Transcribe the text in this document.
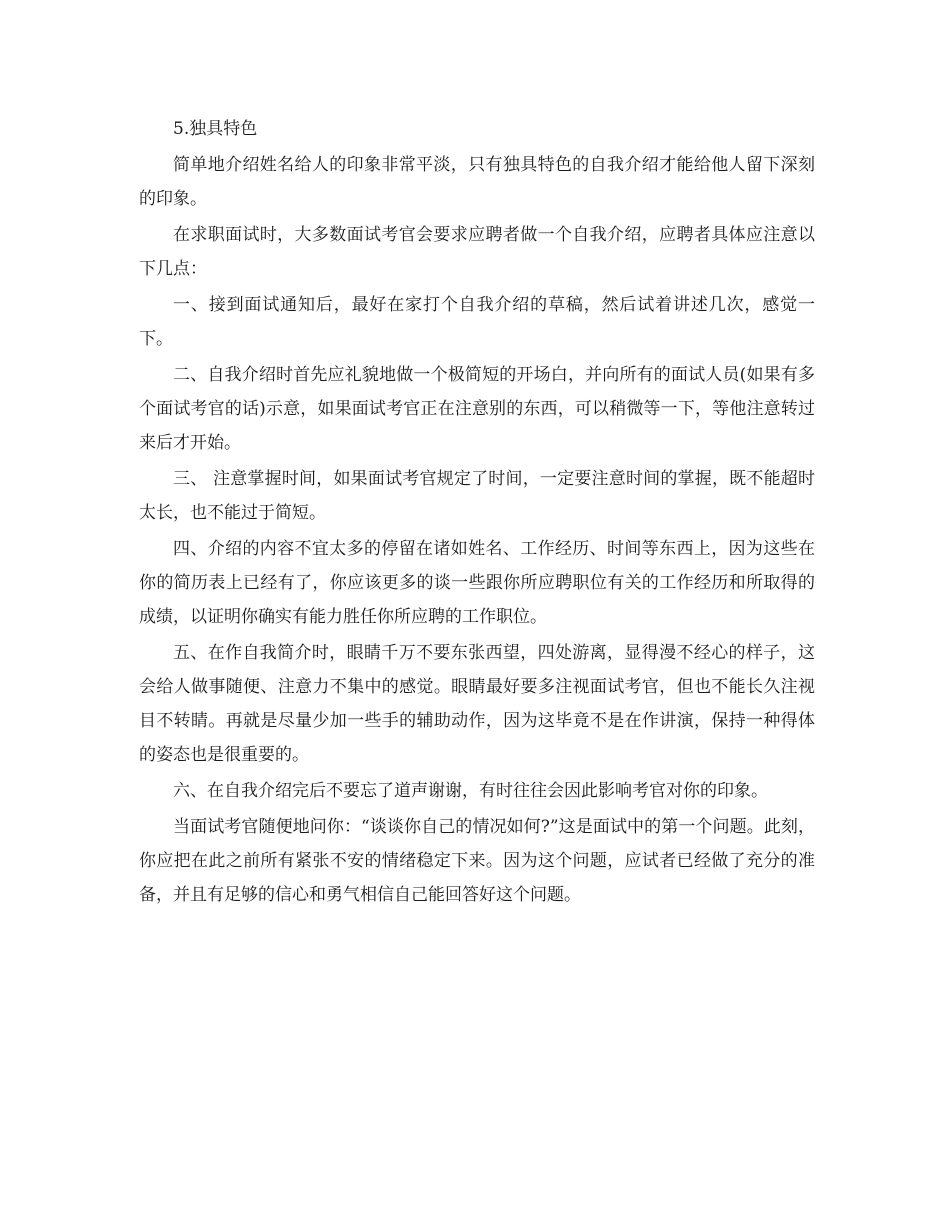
5.独具特色

简单地介绍姓名给人的印象非常平淡，只有独具特色的自我介绍才能给他人留下深刻的印象。

在求职面试时，大多数面试考官会要求应聘者做一个自我介绍，应聘者具体应注意以下几点：

一、接到面试通知后，最好在家打个自我介绍的草稿，然后试着讲述几次，感觉一下。

二、自我介绍时首先应礼貌地做一个极简短的开场白，并向所有的面试人员(如果有多个面试考官的话)示意，如果面试考官正在注意别的东西，可以稍微等一下，等他注意转过来后才开始。

三、 注意掌握时间，如果面试考官规定了时间，一定要注意时间的掌握，既不能超时太长，也不能过于简短。

四、介绍的内容不宜太多的停留在诸如姓名、工作经历、时间等东西上，因为这些在你的简历表上已经有了，你应该更多的谈一些跟你所应聘职位有关的工作经历和所取得的成绩，以证明你确实有能力胜任你所应聘的工作职位。

五、在作自我简介时，眼睛千万不要东张西望，四处游离，显得漫不经心的样子，这会给人做事随便、注意力不集中的感觉。眼睛最好要多注视面试考官，但也不能长久注视目不转睛。再就是尽量少加一些手的辅助动作，因为这毕竟不是在作讲演，保持一种得体的姿态也是很重要的。

六、在自我介绍完后不要忘了道声谢谢，有时往往会因此影响考官对你的印象。

当面试考官随便地问你：“谈谈你自己的情况如何?”这是面试中的第一个问题。此刻，你应把在此之前所有紧张不安的情绪稳定下来。因为这个问题，应试者已经做了充分的准备，并且有足够的信心和勇气相信自己能回答好这个问题。
